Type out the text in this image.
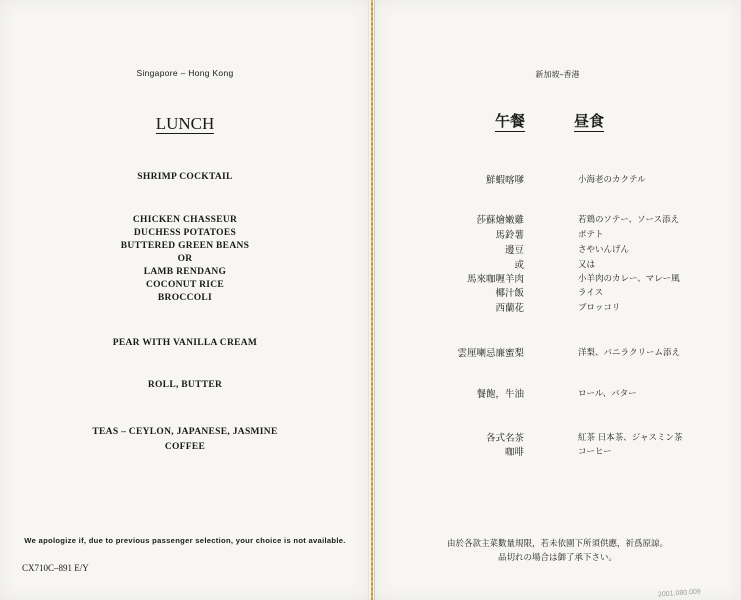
Singapore – Hong Kong
LUNCH
SHRIMP COCKTAIL
CHICKEN CHASSEUR
DUCHESS POTATOES
BUTTERED GREEN BEANS
OR
LAMB RENDANG
COCONUT RICE
BROCCOLI
PEAR WITH VANILLA CREAM
ROLL, BUTTER
TEAS – CEYLON, JAPANESE, JASMINE
COFFEE
We apologize if, due to previous passenger selection, your choice is not available.
CX710C–891 E/Y
新加坡–香港
午餐	昼食
鮮蝦喀嗲	小海老のカクテル
莎蘇燴嫩雞	若鶏のソテー、ソース添え
馬鈴薯	ポテト
邊豆	さやいんげん
或	又は
馬來咖喱羊肉	小羊肉のカレー、マレー風
椰汁飯	ライス
西蘭花	ブロッコリ
雲厘喇忌廉蜜梨	洋梨、バニラクリーム添え
餐飽，牛油	ロール、バター
各式名茶	紅茶 日本茶、ジャスミン茶
咖啡	コーヒー
由於各款主菜數量規限，若未依園下所須供應，祈爲原諒。
品切れの場合は御了承下さい。
2001.080.009
